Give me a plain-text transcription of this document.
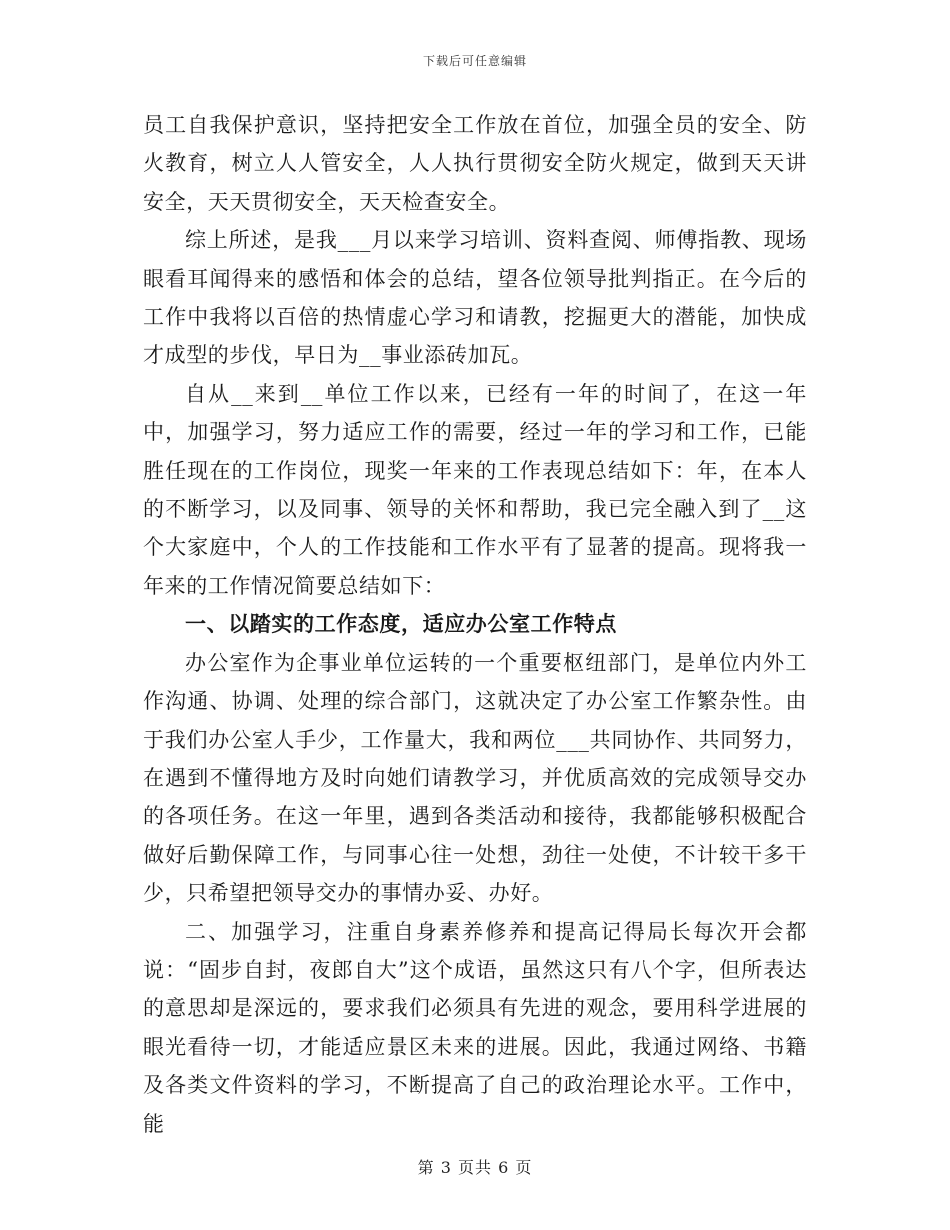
下载后可任意编辑

员工自我保护意识，坚持把安全工作放在首位，加强全员的安全、防火教育，树立人人管安全，人人执行贯彻安全防火规定，做到天天讲安全，天天贯彻安全，天天检查安全。

综上所述，是我___月以来学习培训、资料查阅、师傅指教、现场眼看耳闻得来的感悟和体会的总结，望各位领导批判指正。在今后的工作中我将以百倍的热情虚心学习和请教，挖掘更大的潜能，加快成才成型的步伐，早日为__事业添砖加瓦。

自从__来到__单位工作以来，已经有一年的时间了，在这一年中，加强学习，努力适应工作的需要，经过一年的学习和工作，已能胜任现在的工作岗位，现奖一年来的工作表现总结如下：年，在本人的不断学习，以及同事、领导的关怀和帮助，我已完全融入到了__这个大家庭中，个人的工作技能和工作水平有了显著的提高。现将我一年来的工作情况简要总结如下：

一、以踏实的工作态度，适应办公室工作特点

办公室作为企事业单位运转的一个重要枢纽部门，是单位内外工作沟通、协调、处理的综合部门，这就决定了办公室工作繁杂性。由于我们办公室人手少，工作量大，我和两位___共同协作、共同努力，在遇到不懂得地方及时向她们请教学习，并优质高效的完成领导交办的各项任务。在这一年里，遇到各类活动和接待，我都能够积极配合做好后勤保障工作，与同事心往一处想，劲往一处使，不计较干多干少，只希望把领导交办的事情办妥、办好。

二、加强学习，注重自身素养修养和提高记得局长每次开会都说：“固步自封，夜郎自大”这个成语，虽然这只有八个字，但所表达的意思却是深远的，要求我们必须具有先进的观念，要用科学进展的眼光看待一切，才能适应景区未来的进展。因此，我通过网络、书籍及各类文件资料的学习，不断提高了自己的政治理论水平。工作中，能

第 3 页共 6 页
